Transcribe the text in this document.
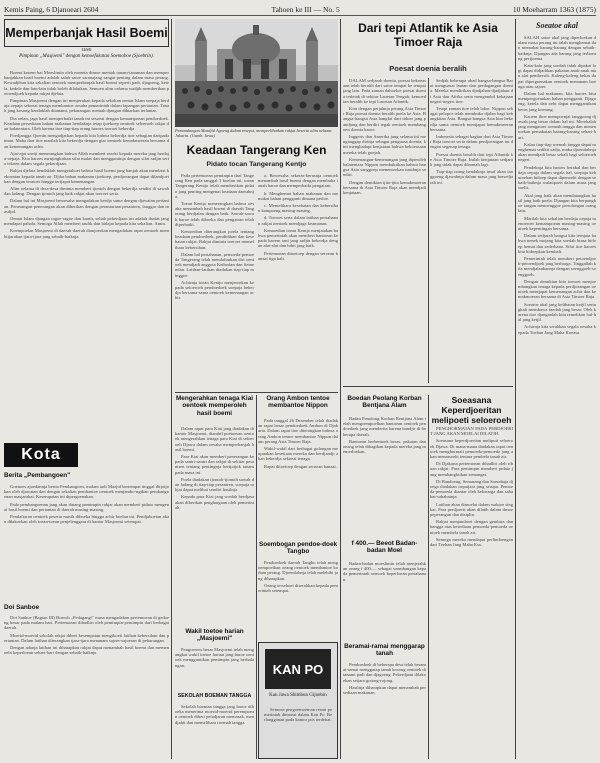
Kemis Paing, 6 Djanoeari 2604	Tahoen ke III — No. 5	10 Moeharram 1363 (1875)
Memperbanjak Hasil Boemi
Oleh
Pimpinan „Masjoemi" dengan kemoefakatan Soemoboe (Sjoebrin).

Boemi kaoem bai Moeslimin oleh moenta dimoe mentak tanam-tanaman dan memperbanjakkan hasil boemi adalah salah satoe saranajang sangat penting dalam masa perang. Kewadjiban kita sekalian oentoek memperbanjak hasil boemi seperti padi, djagoeng, ketela, kedele dan lain-lain tidak boleh dilalaikan. Semoea alim oelama wadjib memberikan petoendjoek kepada rakjat djelata.

Pimpinan Masjoemi dengan ini menjerukan kepada sekalian oemat Islam soepaja berdaja oepaja sekoeat tenaga membantoe oesaha pemerintah dalam lapangan pertanian. Tanah jang kosong hendaklah ditanami, pekarangan roemah djangan dibiarkan terlantar.

Dia oelan, jaga hasil memperbaiki tanah ini sesoeai dengan kemampoean pendoedoek. Keadaan persediaan bahan makanan hendaknja tetap tjoekoep oentoek seloeroeh rakjat dan balatentara. Oleh karena itoe tiap-tiap orang haroes toeroet bekerdja.

Poedjangga Qoerán mengadjarkan kepada kita bahwa bekerdja itoe sebagian daripada iman. Maka dari itoe marilah kita bekerdja dengan giat oentoek kemakmoeran bersama dan kemenangan achir.

Ajat-ajat soetji menerangkan bahwa Allah memberi rezeki kepada mereka jang berdaja-oepaja. Kita haroes menjingkirkan sifat malas dan menggantinja dengan sifat radjin serta tekoen dalam segala pekerdjaan.

Rakjat djelata hendaklah mengetahoei bahwa hasil boemi jang banjak akan memberi kekoeatan kepada tanah air. Djika bahan makanan tjoekoep, perdjoeangan dapat dilandjoetkan dengan teratoer hingga tertjapai kemenangan.

Alim oelama di desa-desa diminta memberi tjontoh dengan bekerdja sendiri di sawah dan ladang. Dengan tjontoh jang baik rakjat akan toeroet serta.

Dalam hal ini Masjoemi beroesaha mengadakan kerdja sama dengan djawatan pertanian. Penerangan-penerangan akan diberikan dengan perantaraan pesantren, langgar dan masdjid.

Oemat Islam djangan ragoe-ragoe dan kuatir, sebab pekerdjaan ini adalah ibadat jang mendapat pahala. Semoga Allah memberi taufik dan hidajat kepada kita sekalian. Amin.

Koempoelan Masjoemi di daerah-daerah dianjoerkan mengadakan rapat oentoek membitjarakan tjara-tjara jang sebaik-baiknja.

Kota
Berita „Pembangoen"

Goenoes ajoedannja berita Pembangoen, malam tadi Mazjid bertempat tinggal ditjotjokan oleh djawatan dan dengan sekalian pembantoe oentoek menjambo-ngikan pembangoenan masjarakat. Kesempatan ini dipergoenakan.

Pada pembangoenan jang akan datang pemimpin rakjat akan memberi pidato mengenai hasil boemi dan pertanian di daerah masing-masing.

Pendaftaran oentoek peserta masih diboeka hingga achir boelan ini. Pendjaboetan akan dilakoekan oleh toean-toean penjelenggara di kantor Masjoemi setempat.

Doi Sanboe

Doi Sanboe (Bagian III) Boeroh „Pedagang\" masa mengadakan pertemoean di gedoeng besar pada malam hari. Pertemoean dihadliri oleh pemimpin-pemimpin dari berbagai daerah.

Moerid-moerid sekolah rakjat diberi kesempatan mengikoeti latihan kebersihan dan pertanian. Dalam latihan diterangkan tjara-tjara menanam sajoer-sajoeran di pekarangan.

Dengan adanja latihan ini diharapkan rakjat dapat menambah hasil boemi dan memenoehi keperloean sehari-hari dengan sebaik-baiknja.

Pemandangan Masdjid Agoeng dalam resepsi, memperlihatkan rakjat beserta alim oelama Jakarta. (Gamb. Jawa)
Keadaan Tangerang Ken
Pidato tocan Tangerang Kentjo

Pada pertemoean pemimpin dari Tangerang Ken pada tanggal 3 boelan ini, toean Tangerang Kentjo telah memberikan pidato jang penting mengenai keadaan daerahnja.

Toean Kentjo menerangkan bahwa oesaha menambah hasil boemi di daerah Tangerang berdjalan dengan baik. Sawah-sawah baroe telah diboeka dan pengairan telah diperbaiki.

Kemoedian diterangkan poela tentang keadaan pendoedoek, pendidikan dan kesehatan rakjat. Rakjat diminta toeroet memelihara kebersihan.

Dalam hal pertahanan, pemoeda-pemoeda Tangerang telah mendaftarkan diri oentoek mendjadi anggota Keibodan dan Seinendan. Latihan-latihan diadakan tiap-tiap minggoe.

Achirnja toean Kentjo menjeroekan kepada seloeroeh pendoedoek soepaja bekerdja bersama-sama oentoek kemenangan achir.

a. Beroesaha sekeras-kerasnja oentoek menambah hasil boemi dengan membuka tanah baroe dan memperbaiki pengairan.

b. Menghemat bahan makanan dan memakai bahan pengganti dimana perloe.

c. Memelihara kesehatan dan kebersihan kampoeng masing-masing.

d. Toeroet serta dalam latihan pertahanan rakjat oentoek mendjaga keamanan.

Kemoedian toean Kentjo menjatakan bahwa pemerintah akan memberi bantoean kepada kaoem tani jang radjin bekerdja dengan alat-alat dan bibit jang baik.

Pertemoean ditoetoep dengan seroean banzai tiga kali.

Mengerahkan tenaga Kiai oentoek memperoleh hasil boemi

Dalam rapat para Kiai jang diadakan di kantor Masjoemi, diambil poetoesan oentoek mengerahkan tenaga para Kiai di seloeroeh Djawa dalam oesaha memperbanjak hasil boemi.

Para Kiai akan memberi penerangan kepada santri-santri dan rakjat di sekitar pesantren tentang pentingnja bertjotjok tanam pada masa ini.

Poela diadakan tjontoh-tjontoh sawah dan ladang di tiap-tiap pesantren, soepaja rakjat dapat melihat sendiri hasilnja.

Kepada para Kiai jang soedah berdjasa akan diberikan penghargaan oleh pemerintah.

Wakil toetoe harian „Masjoemi"

Pengoeroes besar Masjoemi telah mengangkat wakil toetoe harian jang baroe oentoek menggantikan pemimpin jang berhalangan.

SEKOLAH BOEMAN TANGGA

Sekolah boeman tangga jang baroe diboeka menerima moerid-moerid perempoean oentoek diberi peladjaran memasak, mendjahit dan memelihara roemah tangga.

Orang Ambon tentoe membantoe Nippon

Pada tanggal 26 Desember telah diadakan rapat besar pendoedoek Ambon di Djakarta. Dalam rapat itoe diterangkan bahwa orang Ambon tentoe membantoe Nippon dalam perang Asia Timoer Raja.

Wakil-wakil dari berbagai golongan menjatakan kesetiaan mereka dan berdjandji akan bekerdja sekoeat tenaga.

Rapat ditoetoep dengan seroean banzai.

Soembogan pendoe-doek Tangbo

Pendoedoek daerah Tangbo telah mengoempoelkan oeang oentoek membantoe korban perang. Djoemlahnja telah melebihi jang diharapkan.

Oeang terseboet diserahkan kepada pemerintah setempat.

KAN PO
Kan Jawa Shimbun Gijoebin

Semoea pengoemoeman resmi pemerintah dimoeat dalam Kan Po. Berlangganan pada kantor pos terdekat.

Boedan Peolang Korban Bentjana Alam

Badan Penolong Korban Bentjana Alam telah mengoempoelkan bantoean oentoek pendoedoek jang menderita karena bandjir di beberapa daerah.

Bantoean berbentoek beras, pakaian dan oeang telah dibagikan kepada mereka jang memerloekan.

f 400.— Beeot Badan-badan Moel

Badan-badan moeslimin telah menjerahkan oeang f 400.— sebagai soembangan kepada pemerintah oentoek keperloean pertahanan.

Beramai-ramai menggarap tanah

Pendoedoek di beberapa desa telah beramai-ramai menggarap tanah kosong oentoek ditanami padi dan djagoeng. Pekerdjaan dilakoekan setjara gotong-rojong.

Hasilnja diharapkan dapat menambah persediaan makanan.

Dari tepi Atlantik ke Asia Timoer Raja
Poesat doenia beralih

DALAM sedjarah doenia, poesat kekoeasaan telah beralih dari satoe tempat ke tempat jang lain. Pada zaman dahoeloe poesat doenia terletak di sekitar Laoetan Tengah, kemoedian beralih ke tepi Laoetan Atlantik.

Kini dengan petjahnja perang Asia Timoer Raja poesat doenia beralih poela ke Asia. Bangsa-bangsa Asia bangkit dari tidoer jang pandjang dan berdiri tegak oentoek membangoen doenia baroe.

Inggeris dan Amerika jang selama ini menganggap dirinja sebagai penguasa doenia, kini menghadapi kenjataan bahwa kekoeasaan mereka telah goejah.

Kemenangan-kemenangan jang diperoleh balatentara Nippon membuktikan bahwa bangsa Asia sanggoep menentoekan nasibnja sendiri.

Dengan demikian tjita-tjita kemakmoeran bersama di Asia Timoer Raja akan mendjadi kenjataan.

Sedjak beberapa abad bangsa-bangsa Barat menguasai lautan dan perdagangan doenia. Mereka mendirikan djadjahan-djadjahan di Asia dan Afrika serta mengambil kekajaan negeri-negeri itoe.

Tetapi zaman itoe telah laloe. Nippon sebagai pelopor telah membuka djalan bagi kebangkitan Asia. Bangsa-bangsa Asia kini bekerdja sama oentoek mentjapai kemakmoeran bersama.

Indonesia sebagai bagian dari Asia Timoer Raja toeroet serta dalam perdjoeangan ini dengan segenap tenaga.

Poesat doenia beralih dari tepi Atlantik ke Asia Timoer Raja. Inilah kenjataan sedjarah jang tidak dapat dibantah lagi.

Tiap-tiap orang hendaknja insaf akan tanggoeng djawabnja dalam masa jang bersedjarah ini.

Soeasana Keperdjoeritan melipoeti seloeroeh

PENGHORMATAN PADA PERDJOERIT JANG AKAN MOELAI DILATIH.

Soeasana keperdjoeritan meliputi seloeroeh Djawa. Di mana-mana diadakan rapat oentoek menghormati pemoeda-pemoeda jang akan memasoeki tentara pembela tanah air.

Di Djakarta pertemoean dihadliri oleh ribuan rakjat. Para pemimpin memberi pidato jang membangkitkan semangat.

Di Bandoeng, Semarang dan Soerabaja djoega diadakan oepatjara jang serupa. Pemoeda-pemoeda diantar oleh keloearga dan sahabat-sahabatnja.

Latihan akan dimoelai dalam waktoe singkat. Para perdjoerit akan dilatih dalam ilmoe peperangan dan disiplin.

Rakjat menjamboet dengan gembira dan bangga atas kesediaan pemoeda-pemoeda oentoek membela tanah air.

Semoga mereka mendapat perlindoengan dari Toehan Jang Maha Esa.

Soeatoe akal

SALAH satoe akal jang diperloekan dalam masa perang ini ialah menghemat dan memakai barang-barang dengan sebaik-baiknja. Djangan ada barang jang terboeang pertjoema.

Kain-kain jang soedah tidak dipakai lagi dapat didjadikan pakaian anak-anak atau alat pembersih. Kaleng-kaleng bekas dapat dipergoenakan oentoek menanam boenga atau sajoer.

Dalam hal makanan, kita haroes bisa mempergoenakan bahan pengganti. Djagoeng, ketela dan oebi dapat menggantikan beras jang koerang.

Kaoem iboe mempoenjai tanggoeng djawab jang besar dalam hal ini. Merekalah jang mengatoer roemah tangga dan menentoekan pemakaian barang-barang sehari-hari.

Kalau tiap-tiap roemah tangga dapat menghemat sedikit sadja, maka djoemlahnja akan mendjadi besar sekali bagi seloeroeh negeri.

Pendeknja kita haroes berakal dan berdaja oepaja dalam segala hal, soepaja kebutoehan hidoep dapat dipenoehi dengan sebaik-baiknja walaupoen dalam masa jang soelit.

Akal jang baik akan mendatangkan hasil jang baik poela. Djangan kita berpangkoe tangan menoenggoe pertolongan orang lain.

Marilah kita sekalian berdaja oepaja menoeroet kemampoean masing-masing oentoek kepentingan bersama.

Dalam sedjarah bangsa kita ternjata bahwa nenek mojang kita soedah biasa hidoep hemat dan sederhana. Sifat itoe haroes kita hidoepkan kembali.

Pemerintah telah memberi petoendjoek-petoendjoek jang berharga. Tinggallah kita mendjalankannja dengan soenggoeh-soenggoeh.

Dengan demikian kita toeroet menjoembangkan tenaga kepada perdjoeangan oentoek mentjapai kemenangan achir dan kemakmoeran bersama di Asia Timoer Raja.

Soeatoe akal jang kelihatan ketjil seringkali membawa faedah jang besar. Oleh karena itoe djanganlah kita remehkan hal-hal jang ketjil.

Achirnja kita serahkan segala oesaha kepada Toehan Jang Maha Koeasa.
